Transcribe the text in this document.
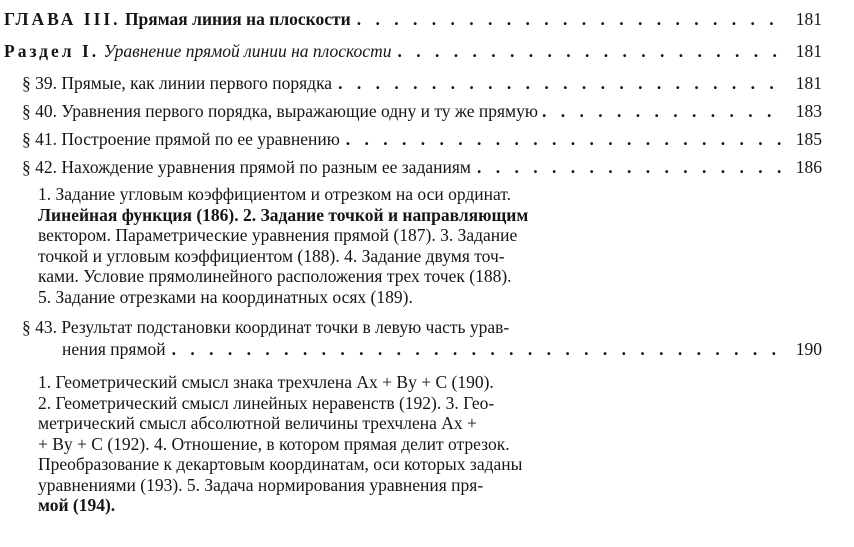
ГЛАВА III. Прямая линия на плоскости . . .	181
Раздел I. Уравнение прямой линии на плоскости . . .	181
§ 39. Прямые, как линии первого порядка . . .	181
§ 40. Уравнения первого порядка, выражающие одну и ту же прямую . . .	183
§ 41. Построение прямой по ее уравнению . . .	185
§ 42. Нахождение уравнения прямой по разным ее заданиям . . .	186
1. Задание угловым коэффициентом и отрезком на оси ординат.
Линейная функция (186). 2. Задание точкой и направляющим
вектором. Параметрические уравнения прямой (187). 3. Задание
точкой и угловым коэффициентом (188). 4. Задание двумя точ-
ками. Условие прямолинейного расположения трех точек (188).
5. Задание отрезками на координатных осях (189).
§ 43. Результат подстановки координат точки в левую часть урав-
нения прямой . . .	190
1. Геометрический смысл знака трехчлена Ax + By + C (190).
2. Геометрический смысл линейных неравенств (192). 3. Гео-
метрический смысл абсолютной величины трехчлена Ax +
+ By + C (192). 4. Отношение, в котором прямая делит отрезок.
Преобразование к декартовым координатам, оси которых заданы
уравнениями (193). 5. Задача нормирования уравнения пря-
мой (194).
